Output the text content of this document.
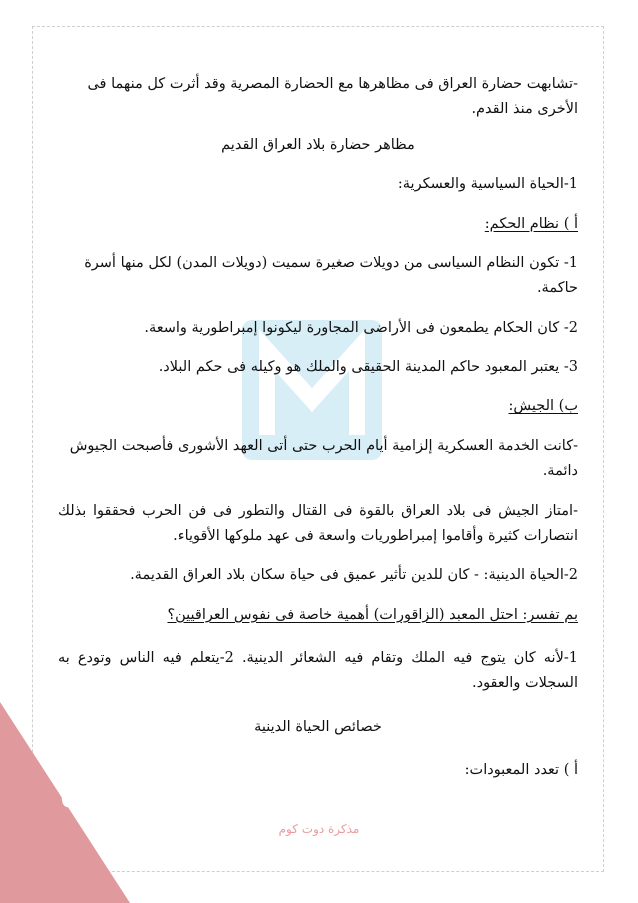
-تشابهت حضارة العراق فى مظاهرها مع الحضارة المصرية وقد أثرت كل منهما فى الأخرى منذ القدم.

مظاهر حضارة بلاد العراق القديم

1-الحياة السياسية والعسكرية:

أ ) نظام الحكم:

1- تكون النظام السياسى من دويلات صغيرة سميت (دويلات المدن) لكل منها أسرة حاكمة.

2- كان الحكام يطمعون فى الأراضى المجاورة ليكونوا إمبراطورية واسعة.

3- يعتبر المعبود حاكم المدينة الحقيقى والملك هو وكيله فى حكم البلاد.

ب) الجيش:

-كانت الخدمة العسكرية إلزامية أيام الحرب حتى أتى العهد الأشورى فأصبحت الجيوش دائمة.

-امتاز الجيش فى بلاد العراق بالقوة فى القتال والتطور فى فن الحرب فحققوا بذلك انتصارات كثيرة وأقاموا إمبراطوريات واسعة فى عهد ملوكها الأقوياء.

2-الحياة الدينية: - كان للدين تأثير عميق فى حياة سكان بلاد العراق القديمة.

بم تفسر: احتل المعبد (الزاقورات) أهمية خاصة فى نفوس العراقيين؟

1-لأنه كان يتوج فيه الملك وتقام فيه الشعائر الدينية. 2-يتعلم فيه الناس وتودع به السجلات والعقود.

خصائص الحياة الدينية

أ ) تعدد المعبودات:

66
مذكرة دوت كوم
